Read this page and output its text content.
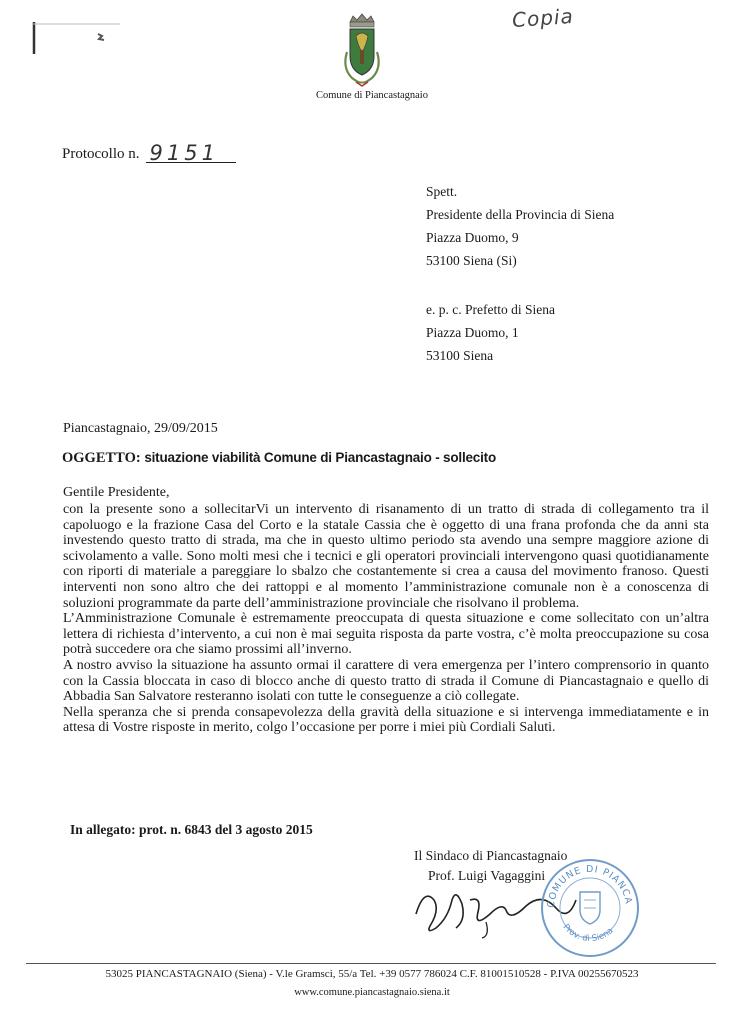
Comune di Piancastagnaio
Copia
Protocollo n. 9151
Spett.
Presidente della Provincia di Siena
Piazza Duomo, 9
53100 Siena (Si)
e. p. c. Prefetto di Siena
Piazza Duomo, 1
53100 Siena
Piancastagnaio, 29/09/2015
OGGETTO: situazione viabilità Comune di Piancastagnaio - sollecito
Gentile Presidente,

con la presente sono a sollecitarVi un intervento di risanamento di un tratto di strada di collegamento tra il capoluogo e la frazione Casa del Corto e la statale Cassia che è oggetto di una frana profonda che da anni sta investendo questo tratto di strada, ma che in questo ultimo periodo sta avendo una sempre maggiore azione di scivolamento a valle. Sono molti mesi che i tecnici e gli operatori provinciali intervengono quasi quotidianamente con riporti di materiale a pareggiare lo sbalzo che costantemente si crea a causa del movimento franoso. Questi interventi non sono altro che dei rattoppi e al momento l’amministrazione comunale non è a conoscenza di soluzioni programmate da parte dell’amministrazione provinciale che risolvano il problema.

L’Amministrazione Comunale è estremamente preoccupata di questa situazione e come sollecitato con un’altra lettera di richiesta d’intervento, a cui non è mai seguita risposta da parte vostra, c’è molta preoccupazione su cosa potrà succedere ora che siamo prossimi all’inverno.

A nostro avviso la situazione ha assunto ormai il carattere di vera emergenza per l’intero comprensorio in quanto con la Cassia bloccata in caso di blocco anche di questo tratto di strada il Comune di Piancastagnaio e quello di Abbadia San Salvatore resteranno isolati con tutte le conseguenze a ciò collegate.

Nella speranza che si prenda consapevolezza della gravità della situazione e si intervenga immediatamente e in attesa di Vostre risposte in merito, colgo l’occasione per porre i miei più Cordiali Saluti.

In allegato: prot. n. 6843 del 3 agosto 2015
Il Sindaco di Piancastagnaio
Prof. Luigi Vagaggini
COMUNE DI PIANCA
Prov. di Siena
53025 PIANCASTAGNAIO (Siena) - V.le Gramsci, 55/a Tel. +39 0577 786024 C.F. 81001510528 - P.IVA 00255670523
www.comune.piancastagnaio.siena.it
